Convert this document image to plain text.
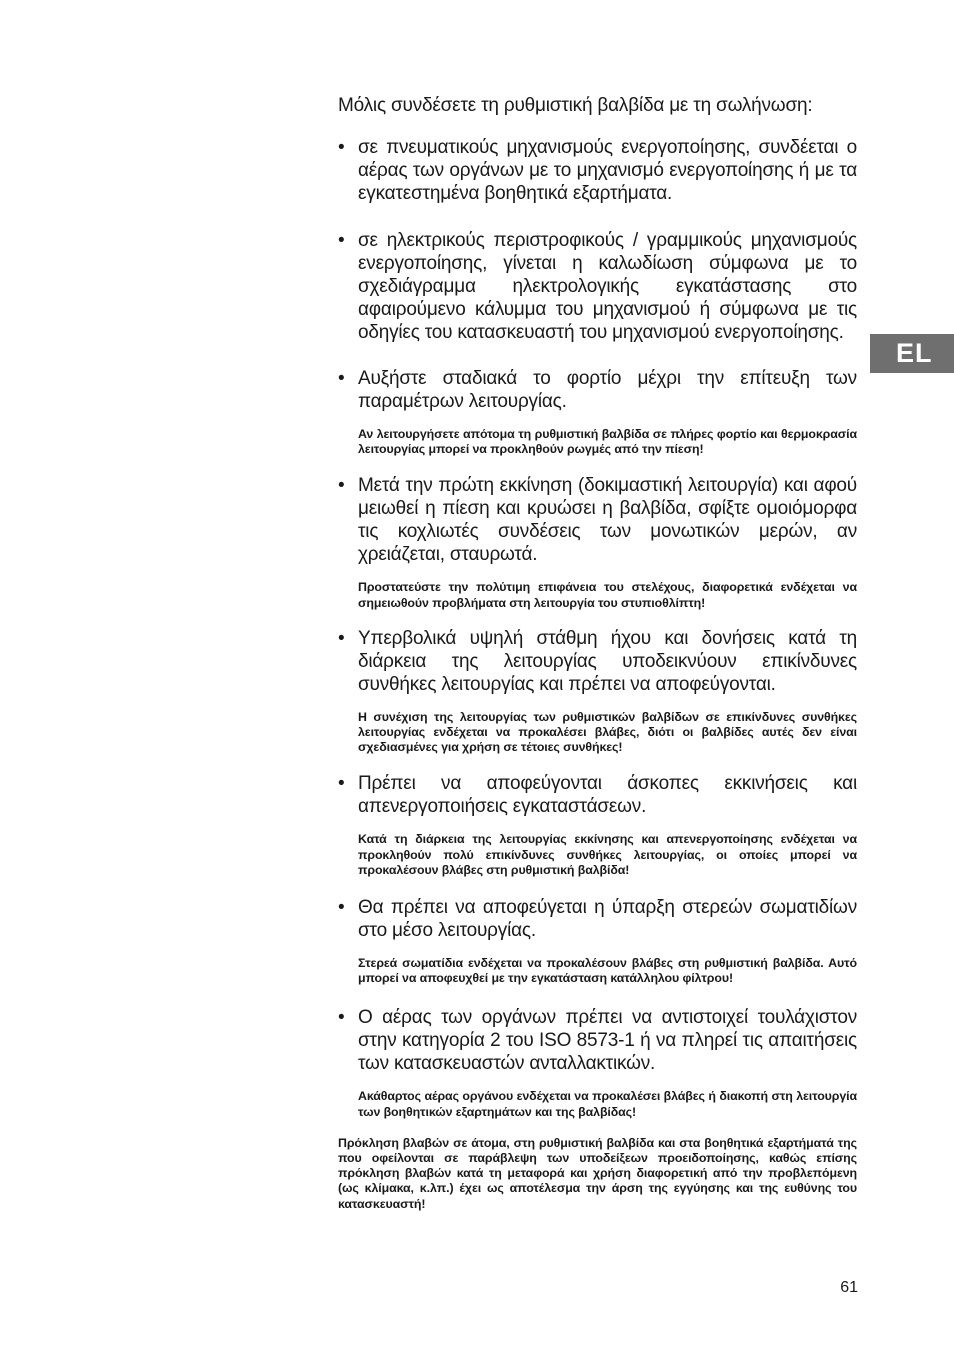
Μόλις συνδέσετε τη ρυθμιστική βαλβίδα με τη σωλήνωση:

• σε πνευματικούς μηχανισμούς ενεργοποίησης, συνδέεται ο αέρας των οργάνων με το μηχανισμό ενεργοποίησης ή με τα εγκατεστημένα βοηθητικά εξαρτήματα.
• σε ηλεκτρικούς περιστροφικούς / γραμμικούς μηχανισμούς ενεργοποίησης, γίνεται η καλωδίωση σύμφωνα με το σχεδιάγραμμα ηλεκτρολογικής εγκατάστασης στο αφαιρούμενο κάλυμμα του μηχανισμού ή σύμφωνα με τις οδηγίες του κατασκευαστή του μηχανισμού ενεργοποίησης.
• Αυξήστε σταδιακά το φορτίο μέχρι την επίτευξη των παραμέτρων λειτουργίας.
Αν λειτουργήσετε απότομα τη ρυθμιστική βαλβίδα σε πλήρες φορτίο και θερμοκρασία λειτουργίας μπορεί να προκληθούν ρωγμές από την πίεση!
• Μετά την πρώτη εκκίνηση (δοκιμαστική λειτουργία) και αφού μειωθεί η πίεση και κρυώσει η βαλβίδα, σφίξτε ομοιόμορφα τις κοχλιωτές συνδέσεις των μονωτικών μερών, αν χρειάζεται, σταυρωτά.
Προστατεύστε την πολύτιμη επιφάνεια του στελέχους, διαφορετικά ενδέχεται να σημειωθούν προβλήματα στη λειτουργία του στυπιοθλίπτη!
• Υπερβολικά υψηλή στάθμη ήχου και δονήσεις κατά τη διάρκεια της λειτουργίας υποδεικνύουν επικίνδυνες συνθήκες λειτουργίας και πρέπει να αποφεύγονται.
Η συνέχιση της λειτουργίας των ρυθμιστικών βαλβίδων σε επικίνδυνες συνθήκες λειτουργίας ενδέχεται να προκαλέσει βλάβες, διότι οι βαλβίδες αυτές δεν είναι σχεδιασμένες για χρήση σε τέτοιες συνθήκες!
• Πρέπει να αποφεύγονται άσκοπες εκκινήσεις και απενεργοποιήσεις εγκαταστάσεων.
Κατά τη διάρκεια της λειτουργίας εκκίνησης και απενεργοποίησης ενδέχεται να προκληθούν πολύ επικίνδυνες συνθήκες λειτουργίας, οι οποίες μπορεί να προκαλέσουν βλάβες στη ρυθμιστική βαλβίδα!
• Θα πρέπει να αποφεύγεται η ύπαρξη στερεών σωματιδίων στο μέσο λειτουργίας.
Στερεά σωματίδια ενδέχεται να προκαλέσουν βλάβες στη ρυθμιστική βαλβίδα. Αυτό μπορεί να αποφευχθεί με την εγκατάσταση κατάλληλου φίλτρου!
• Ο αέρας των οργάνων πρέπει να αντιστοιχεί τουλάχιστον στην κατηγορία 2 του ISO 8573-1 ή να πληρεί τις απαιτήσεις των κατασκευαστών ανταλλακτικών.
Ακάθαρτος αέρας οργάνου ενδέχεται να προκαλέσει βλάβες ή διακοπή στη λειτουργία των βοηθητικών εξαρτημάτων και της βαλβίδας!
Πρόκληση βλαβών σε άτομα, στη ρυθμιστική βαλβίδα και στα βοηθητικά εξαρτήματά της που οφείλονται σε παράβλεψη των υποδείξεων προειδοποίησης, καθώς επίσης πρόκληση βλαβών κατά τη μεταφορά και χρήση διαφορετική από την προβλεπόμενη (ως κλίμακα, κ.λπ.) έχει ως αποτέλεσμα την άρση της εγγύησης και της ευθύνης του κατασκευαστή!
EL
61
